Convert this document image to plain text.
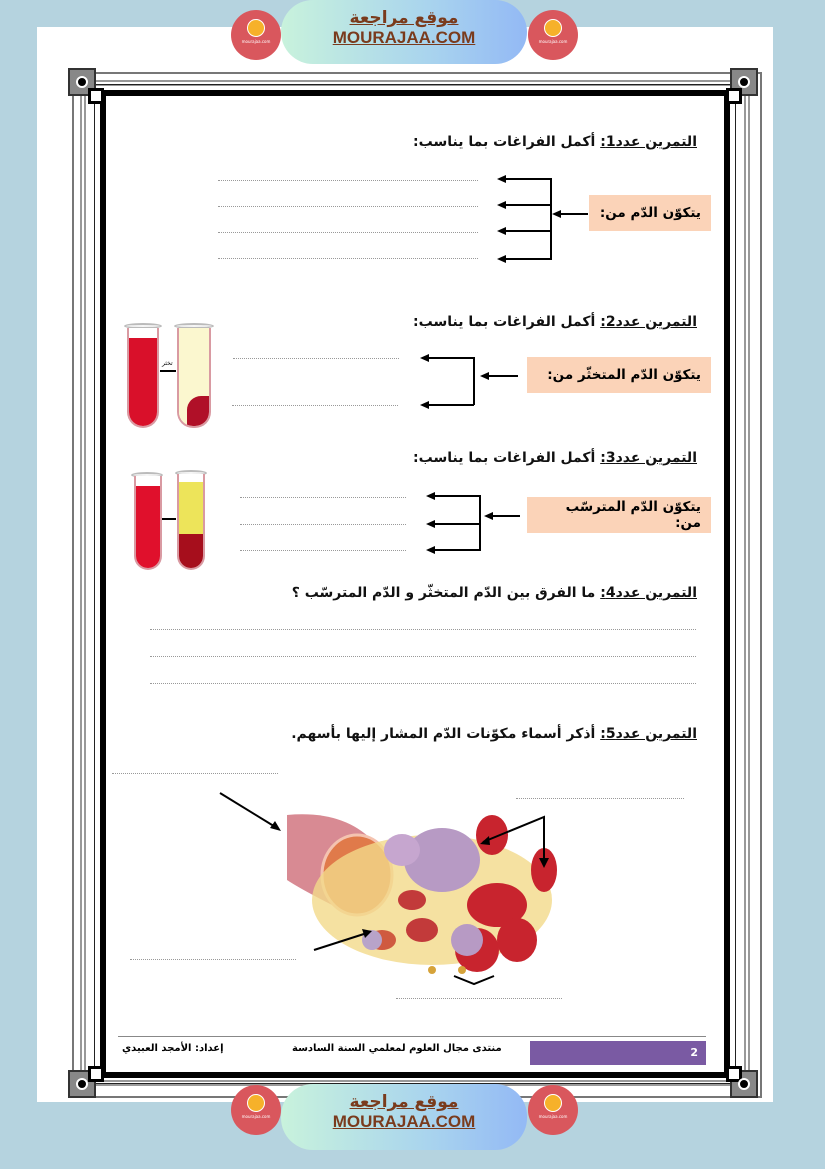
mourajaa.com
موقع مراجعة
MOURAJAA.COM	mourajaa.com
التمرين عدد1: أكمل الفراغات بما يناسب:
يتكوّن الدّم من:
التمرين عدد2: أكمل الفراغات بما يناسب:
تخثر
يتكوّن الدّم المتخثّر من:
التمرين عدد3: أكمل الفراغات بما يناسب:
يتكوّن الدّم المترسّب من:
التمرين عدد4: ما الفرق بين الدّم المتخثّر و الدّم المترسّب ؟
التمرين عدد5: أذكر أسماء مكوّنات الدّم المشار إليها بأسهم.
إعداد: الأمجد العبيدي	منتدى مجال العلوم لمعلمي السنة السادسة	2
mourajaa.com
موقع مراجعة
MOURAJAA.COM	mourajaa.com
